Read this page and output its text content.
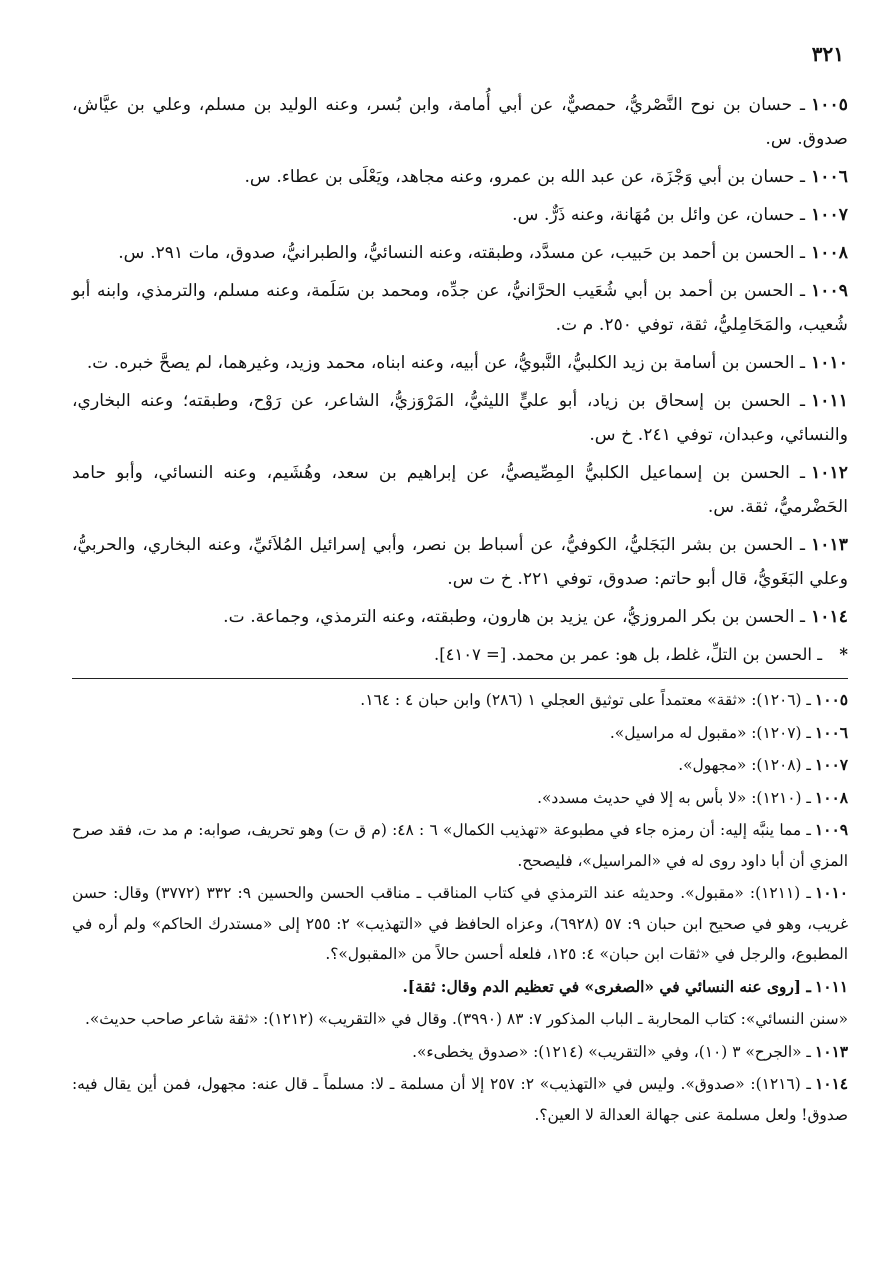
٣٢١

١٠٠٥ـ حسان بن نوح النَّصْريُّ، حمصيٌّ، عن أبي أُمامة، وابن بُسر، وعنه الوليد بن مسلم، وعلي بن عيَّاش، صدوق. س.

١٠٠٦ـ حسان بن أبي وَجْزَة، عن عبد الله بن عمرو، وعنه مجاهد، ويَعْلَى بن عطاء. س.

١٠٠٧ـ حسان، عن وائل بن مُهَانة، وعنه ذَرٌّ. س.

١٠٠٨ـ الحسن بن أحمد بن حَبيب، عن مسدَّد، وطبقته، وعنه النسائيُّ، والطبرانيُّ، صدوق، مات ٢٩١. س.

١٠٠٩ـ الحسن بن أحمد بن أبي شُعَيب الحرَّانيُّ، عن جدِّه، ومحمد بن سَلَمة، وعنه مسلم، والترمذي، وابنه أبو شُعيب، والمَحَامِليُّ، ثقة، توفي ٢٥٠. م ت.

١٠١٠ـ الحسن بن أسامة بن زيد الكلبيُّ، النَّبويُّ، عن أبيه، وعنه ابناه، محمد وزيد، وغيرهما، لم يصحَّ خبره. ت.

١٠١١ـ الحسن بن إسحاق بن زياد، أبو عليٍّ الليثيُّ، المَرْوَزيُّ، الشاعر، عن رَوْح، وطبقته؛ وعنه البخاري، والنسائي، وعبدان، توفي ٢٤١. خ س.

١٠١٢ـ الحسن بن إسماعيل الكلبيُّ المِصِّيصيُّ، عن إبراهيم بن سعد، وهُشَيم، وعنه النسائي، وأبو حامد الحَضْرميُّ، ثقة. س.

١٠١٣ـ الحسن بن بشر البَجَليُّ، الكوفيُّ، عن أسباط بن نصر، وأبي إسرائيل المُلاَئيِّ، وعنه البخاري، والحربيُّ، وعلي البَغَويُّ، قال أبو حاتم: صدوق، توفي ٢٢١. خ ت س.

١٠١٤ـ الحسن بن بكر المروزيُّ، عن يزيد بن هارون، وطبقته، وعنه الترمذي، وجماعة. ت.

*
ـ الحسن بن التلِّ، غلط، بل هو: عمر بن محمد. [= ٤١٠٧].

١٠٠٥ـ (١٢٠٦): «ثقة» معتمداً على توثيق العجلي ١ (٢٨٦) وابن حبان ٤ : ١٦٤.

١٠٠٦ـ (١٢٠٧): «مقبول له مراسيل».

١٠٠٧ـ (١٢٠٨): «مجهول».

١٠٠٨ـ (١٢١٠): «لا بأس به إلا في حديث مسدد».

١٠٠٩ـ مما ينبَّه إليه: أن رمزه جاء في مطبوعة «تهذيب الكمال» ٦ : ٤٨: (م ق ت) وهو تحريف، صوابه: م مد ت، فقد صرح المزي أن أبا داود روى له في «المراسيل»، فليصحح.

١٠١٠ـ (١٢١١): «مقبول». وحديثه عند الترمذي في كتاب المناقب ـ مناقب الحسن والحسين ٩: ٣٣٢ (٣٧٧٢) وقال: حسن غريب، وهو في صحيح ابن حبان ٩: ٥٧ (٦٩٢٨)، وعزاه الحافظ في «التهذيب» ٢: ٢٥٥ إلى «مستدرك الحاكم» ولم أره في المطبوع، والرجل في «ثقات ابن حبان» ٤: ١٢٥، فلعله أحسن حالاً من «المقبول»؟.

١٠١١ـ [روى عنه النسائي في «الصغرى» في تعظيم الدم وقال: ثقة].

«سنن النسائي»: كتاب المحاربة ـ الباب المذكور ٧: ٨٣ (٣٩٩٠). وقال في «التقريب» (١٢١٢): «ثقة شاعر صاحب حديث».

١٠١٣ـ «الجرح» ٣ (١٠)، وفي «التقريب» (١٢١٤): «صدوق يخطىء».

١٠١٤ـ (١٢١٦): «صدوق». وليس في «التهذيب» ٢: ٢٥٧ إلا أن مسلمة ـ لا: مسلماً ـ قال عنه: مجهول، فمن أين يقال فيه: صدوق! ولعل مسلمة عنى جهالة العدالة لا العين؟.
